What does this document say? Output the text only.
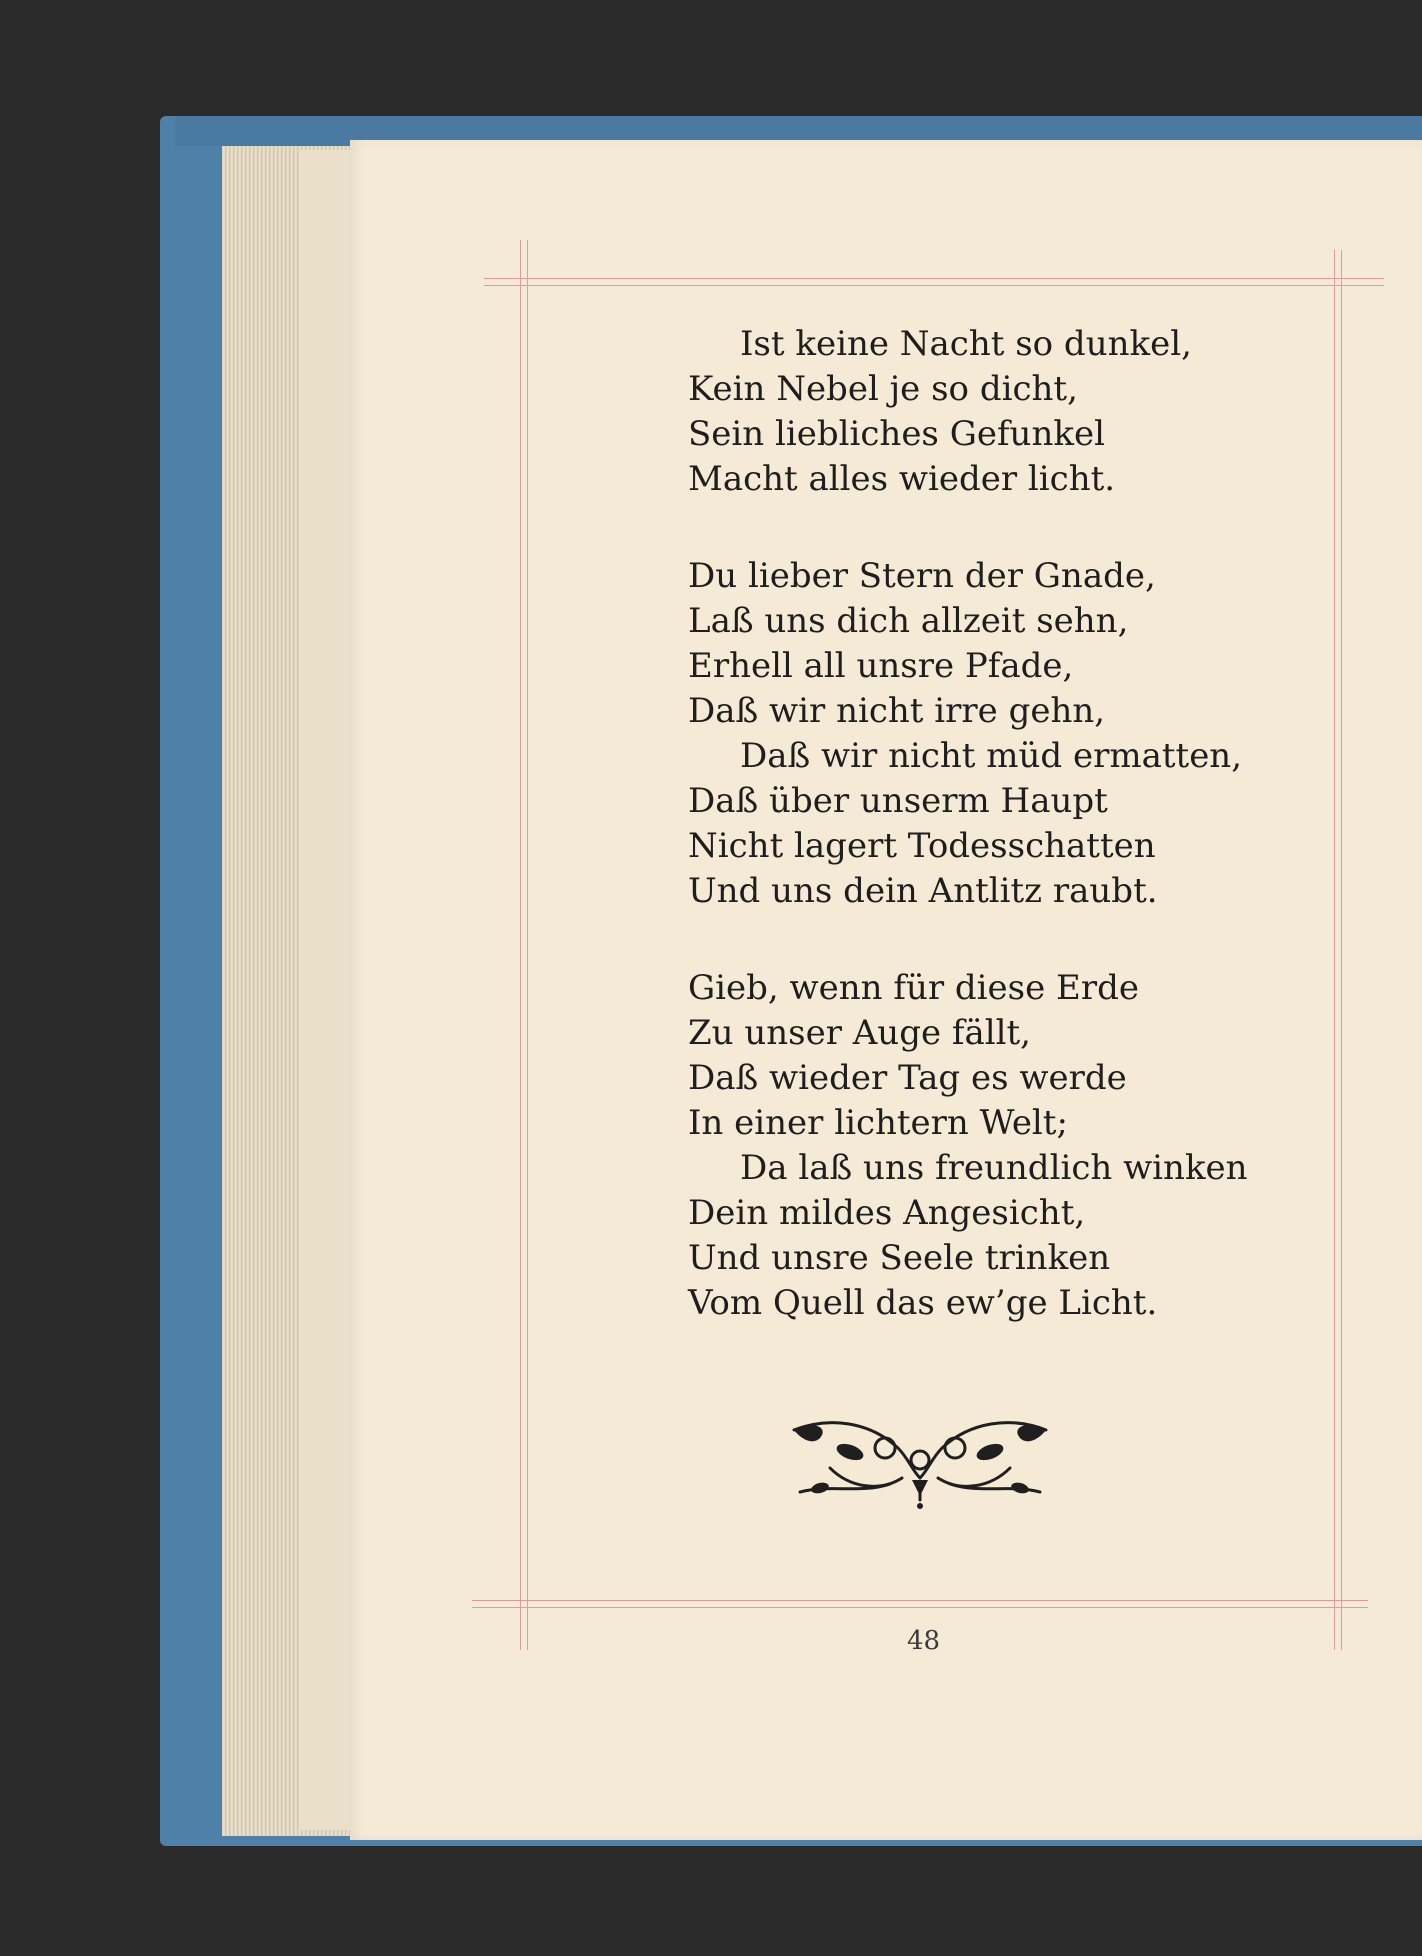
Ist keine Nacht so dunkel,
Kein Nebel je so dicht,
Sein liebliches Gefunkel
Macht alles wieder licht.
Du lieber Stern der Gnade,
Laß uns dich allzeit sehn,
Erhell all unsre Pfade,
Daß wir nicht irre gehn,
Daß wir nicht müd ermatten,
Daß über unserm Haupt
Nicht lagert Todesschatten
Und uns dein Antlitz raubt.
Gieb, wenn für diese Erde
Zu unser Auge fällt,
Daß wieder Tag es werde
In einer lichtern Welt;
Da laß uns freundlich winken
Dein mildes Angesicht,
Und unsre Seele trinken
Vom Quell das ew’ge Licht.
48
